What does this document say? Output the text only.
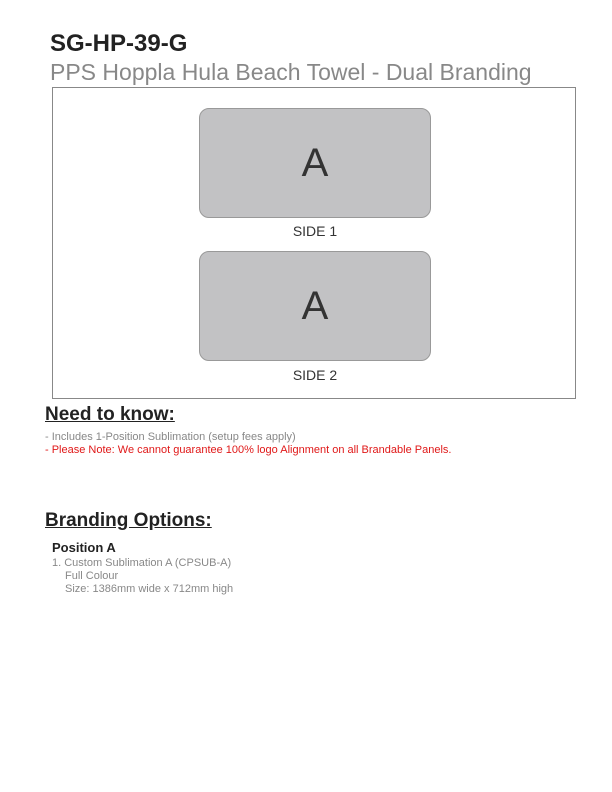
SG-HP-39-G
PPS Hoppla Hula Beach Towel - Dual Branding
A
SIDE 1
A
SIDE 2
Need to know:
- Includes 1-Position Sublimation (setup fees apply)
- Please Note: We cannot guarantee 100% logo Alignment on all Brandable Panels.
Branding Options:
Position A
1. Custom Sublimation A (CPSUB-A)
Full Colour
Size: 1386mm wide x 712mm high
